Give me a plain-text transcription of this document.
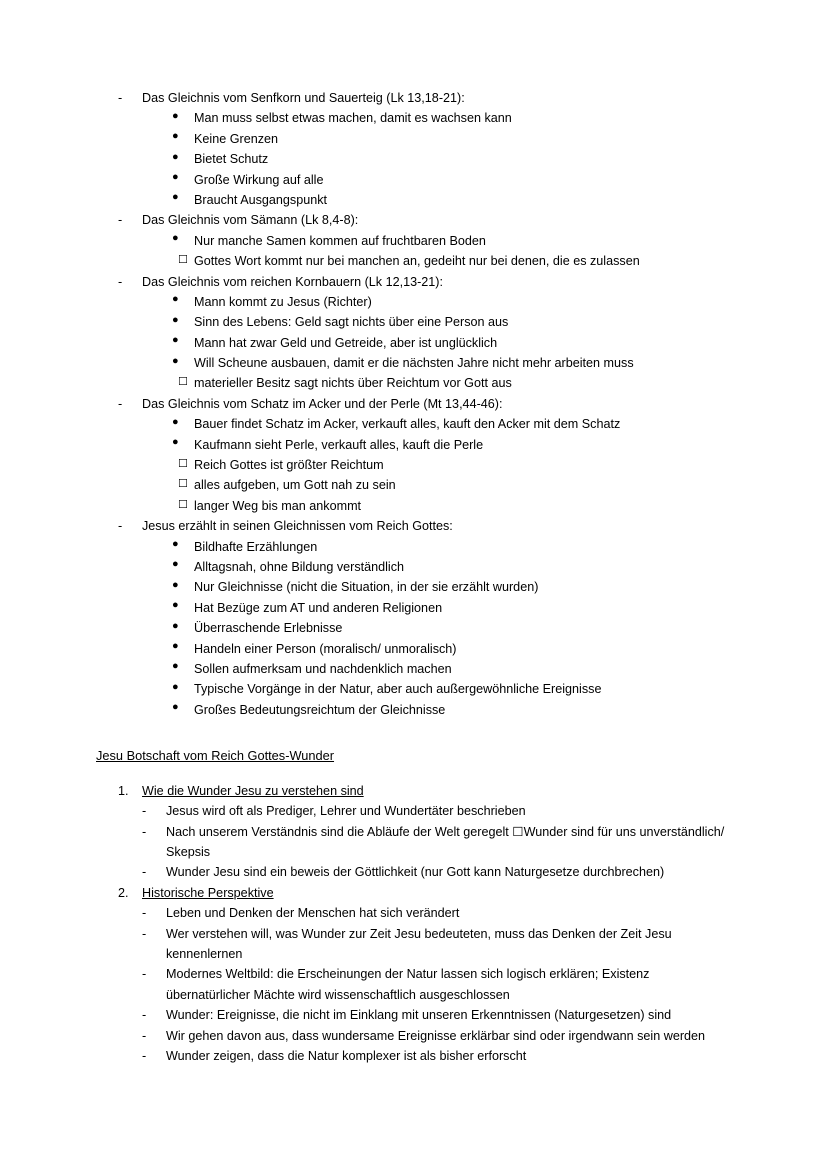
- Das Gleichnis vom Senfkorn und Sauerteig (Lk 13,18-21):
● Man muss selbst etwas machen, damit es wachsen kann
● Keine Grenzen
● Bietet Schutz
● Große Wirkung auf alle
● Braucht Ausgangspunkt
- Das Gleichnis vom Sämann (Lk 8,4-8):
● Nur manche Samen kommen auf fruchtbaren Boden
☐ Gottes Wort kommt nur bei manchen an, gedeiht nur bei denen, die es zulassen
- Das Gleichnis vom reichen Kornbauern (Lk 12,13-21):
● Mann kommt zu Jesus (Richter)
● Sinn des Lebens: Geld sagt nichts über eine Person aus
● Mann hat zwar Geld und Getreide, aber ist unglücklich
● Will Scheune ausbauen, damit er die nächsten Jahre nicht mehr arbeiten muss
☐ materieller Besitz sagt nichts über Reichtum vor Gott aus
- Das Gleichnis vom Schatz im Acker und der Perle (Mt 13,44-46):
● Bauer findet Schatz im Acker, verkauft alles, kauft den Acker mit dem Schatz
● Kaufmann sieht Perle, verkauft alles, kauft die Perle
☐ Reich Gottes ist größter Reichtum
☐ alles aufgeben, um Gott nah zu sein
☐ langer Weg bis man ankommt
- Jesus erzählt in seinen Gleichnissen vom Reich Gottes:
● Bildhafte Erzählungen
● Alltagsnah, ohne Bildung verständlich
● Nur Gleichnisse (nicht die Situation, in der sie erzählt wurden)
● Hat Bezüge zum AT und anderen Religionen
● Überraschende Erlebnisse
● Handeln einer Person (moralisch/ unmoralisch)
● Sollen aufmerksam und nachdenklich machen
● Typische Vorgänge in der Natur, aber auch außergewöhnliche Ereignisse
● Großes Bedeutungsreichtum der Gleichnisse
Jesu Botschaft vom Reich Gottes-Wunder
1. Wie die Wunder Jesu zu verstehen sind
- Jesus wird oft als Prediger, Lehrer und Wundertäter beschrieben
- Nach unserem Verständnis sind die Abläufe der Welt geregelt ☐Wunder sind für uns unverständlich/ Skepsis
- Wunder Jesu sind ein beweis der Göttlichkeit (nur Gott kann Naturgesetze durchbrechen)
2. Historische Perspektive
- Leben und Denken der Menschen hat sich verändert
- Wer verstehen will, was Wunder zur Zeit Jesu bedeuteten, muss das Denken der Zeit Jesu kennenlernen
- Modernes Weltbild: die Erscheinungen der Natur lassen sich logisch erklären; Existenz übernatürlicher Mächte wird wissenschaftlich ausgeschlossen
- Wunder: Ereignisse, die nicht im Einklang mit unseren Erkenntnissen (Naturgesetzen) sind
- Wir gehen davon aus, dass wundersame Ereignisse erklärbar sind oder irgendwann sein werden
- Wunder zeigen, dass die Natur komplexer ist als bisher erforscht
